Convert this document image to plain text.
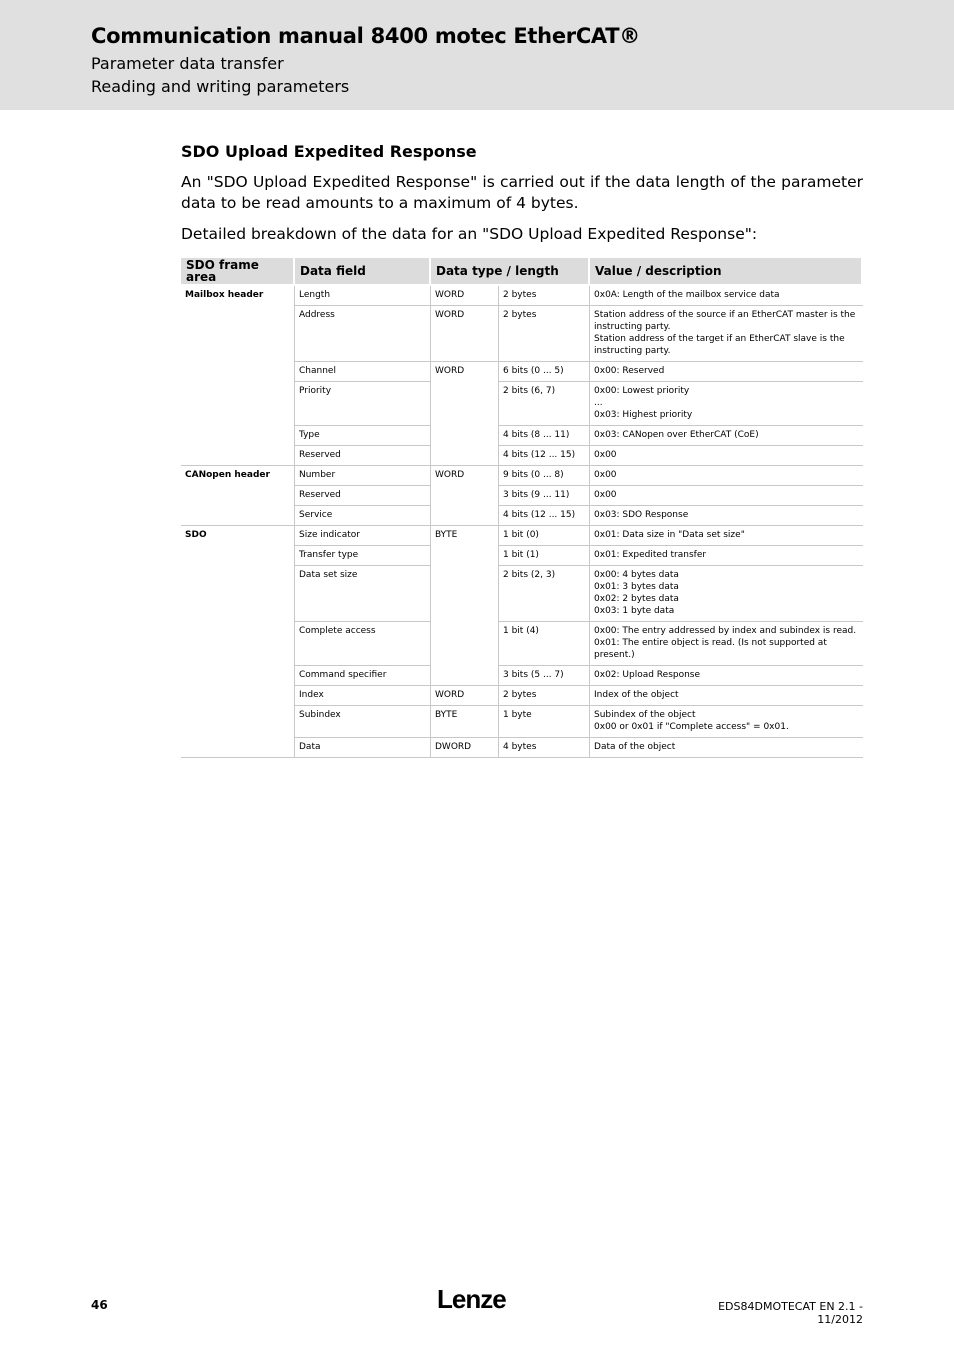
Communication manual 8400 motec EtherCAT®
Parameter data transfer
Reading and writing parameters
SDO Upload Expedited Response
An "SDO Upload Expedited Response" is carried out if the data length of the parameter data to be read amounts to a maximum of 4 bytes.
Detailed breakdown of the data for an "SDO Upload Expedited Response":
SDO frame area	Data field	Data type / length		Value / description
Mailbox header	Length	WORD	2 bytes	0x0A: Length of the mailbox service data
	Address	WORD	2 bytes	Station address of the source if an EtherCAT master is the instructing party.
Station address of the target if an EtherCAT slave is the instructing party.
	Channel	WORD	6 bits (0 ... 5)	0x00: Reserved
	Priority		2 bits (6, 7)	0x00: Lowest priority
...
0x03: Highest priority
	Type		4 bits (8 ... 11)	0x03: CANopen over EtherCAT (CoE)
	Reserved		4 bits (12 ... 15)	0x00
CANopen header	Number	WORD	9 bits (0 ... 8)	0x00
	Reserved		3 bits (9 ... 11)	0x00
	Service		4 bits (12 ... 15)	0x03: SDO Response
SDO	Size indicator	BYTE	1 bit (0)	0x01: Data size in "Data set size"
	Transfer type		1 bit (1)	0x01: Expedited transfer
	Data set size		2 bits (2, 3)	0x00: 4 bytes data
0x01: 3 bytes data
0x02: 2 bytes data
0x03: 1 byte data
	Complete access		1 bit (4)	0x00: The entry addressed by index and subindex is read.
0x01: The entire object is read. (Is not supported at present.)
	Command specifier		3 bits (5 ... 7)	0x02: Upload Response
	Index	WORD	2 bytes	Index of the object
	Subindex	BYTE	1 byte	Subindex of the object
0x00 or 0x01 if "Complete access" = 0x01.
	Data	DWORD	4 bytes	Data of the object
46	Lenze	EDS84DMOTECAT EN 2.1 - 11/2012
